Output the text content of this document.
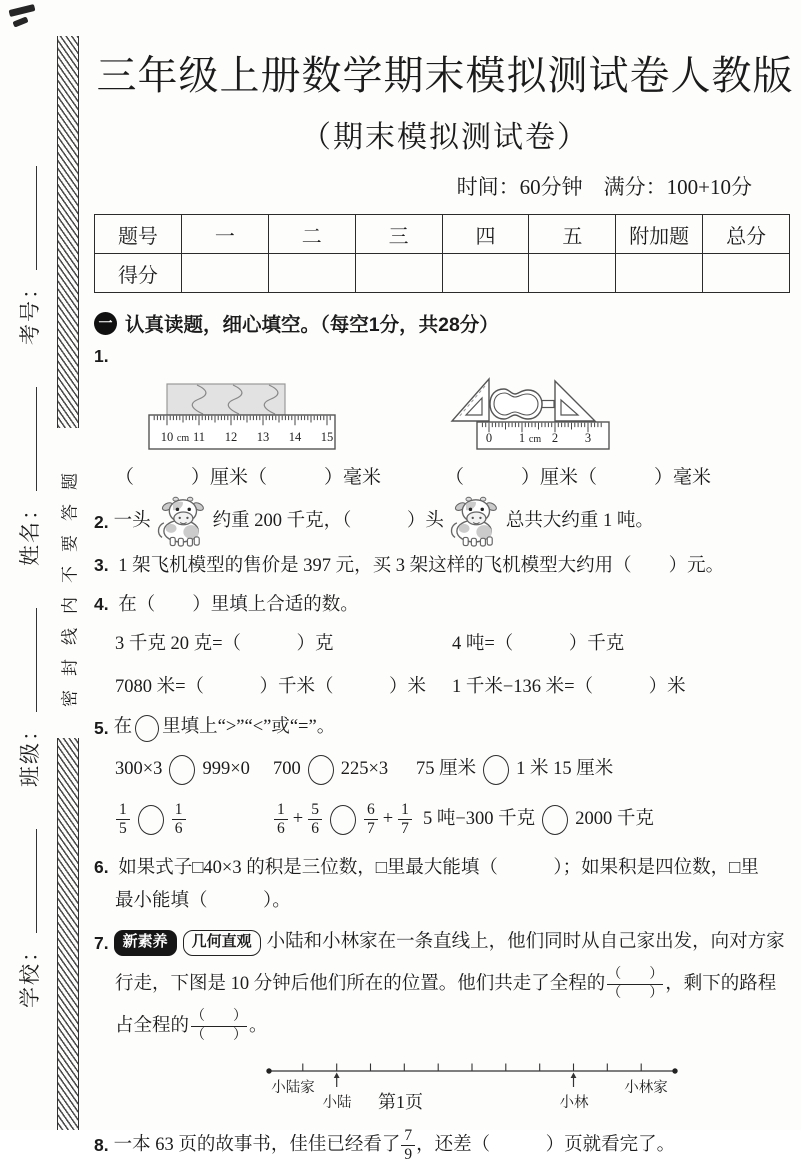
学校：
班级：
姓名：
考号：
密封线内不要答题
三年级上册数学期末模拟测试卷人教版
（期末模拟测试卷）
时间：60分钟　满分：100+10分
题号	一	二	三	四	五	附加题	总分
得分							
一 认真读题，细心填空。（每空1分，共28分）
1.
10 cm 11 12 13 14 15	0 1 cm 2 3
（　　　）厘米（　　　）毫米	（　　　）厘米（　　　）毫米
2. 一头	约重 200 千克，（　　　）头	总共大约重 1 吨。
3. 1 架飞机模型的售价是 397 元，买 3 架这样的飞机模型大约用（　　）元。
4. 在（　　）里填上合适的数。
3 千克 20 克=（　　　）克	4 吨=（　　　）千克
7080 米=（　　　）千米（　　　）米	1 千米−136 米=（　　　）米
5. 在 里填上“>”“<”或“=”。
300×3 999×0 700 225×3 75 厘米 1 米 15 厘米
$\frac{1}{5}$	$\frac{1}{6}$	$\frac{1}{6} + \frac{5}{6}$	$\frac{6}{7} + \frac{1}{7} 5$ 吨−300 千克 2000 千克
6. 如果式子□40×3 的积是三位数，□里最大能填（　　　）；如果积是四位数，□里
最小能填（　　　）。
7. 新素养	几何直观 小陆和小林家在一条直线上，他们同时从自己家出发，向对方家
行走，下图是 10 分钟后他们所在的位置。他们共走了全程的 （　　）
（　　） ，剩下的路程
占全程的 （　　）
（　　） 。
小陆家
小陆	小林
小林家
8. 一本 63 页的故事书，佳佳已经看了 $\frac{7}{9}$ ，还差（　　　）页就看完了。
第1页
